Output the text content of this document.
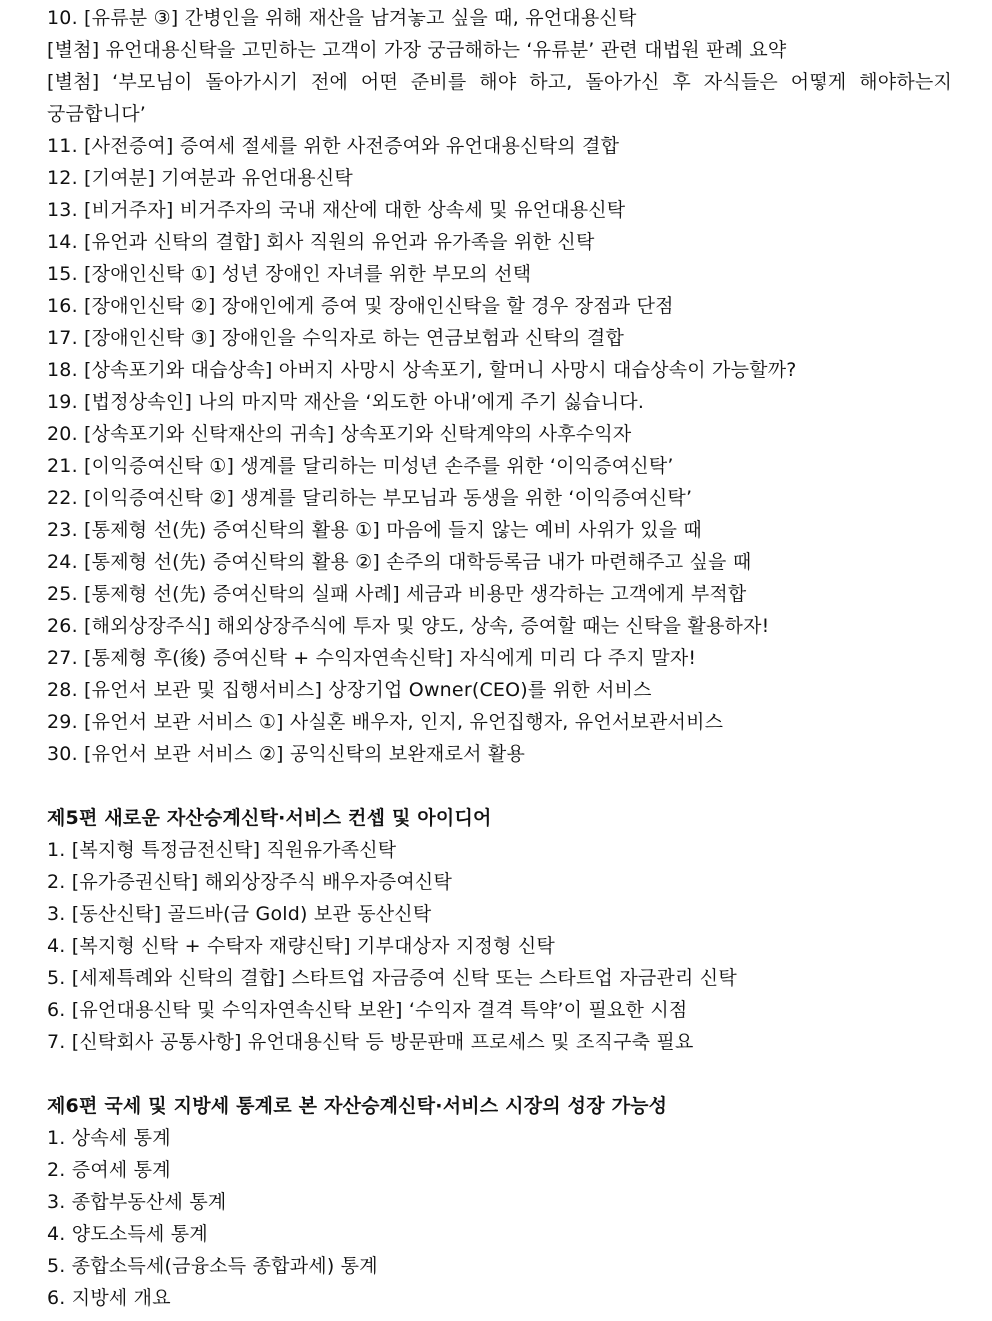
10. [유류분 ③] 간병인을 위해 재산을 남겨놓고 싶을 때, 유언대용신탁
[별첨] 유언대용신탁을 고민하는 고객이 가장 궁금해하는 ‘유류분’ 관련 대법원 판례 요약
[별첨] ‘부모님이 돌아가시기 전에 어떤 준비를 해야 하고, 돌아가신 후 자식들은 어떻게 해야하는지 궁금합니다’
11. [사전증여] 증여세 절세를 위한 사전증여와 유언대용신탁의 결합
12. [기여분] 기여분과 유언대용신탁
13. [비거주자] 비거주자의 국내 재산에 대한 상속세 및 유언대용신탁
14. [유언과 신탁의 결합] 회사 직원의 유언과 유가족을 위한 신탁
15. [장애인신탁 ①] 성년 장애인 자녀를 위한 부모의 선택
16. [장애인신탁 ②] 장애인에게 증여 및 장애인신탁을 할 경우 장점과 단점
17. [장애인신탁 ③] 장애인을 수익자로 하는 연금보험과 신탁의 결합
18. [상속포기와 대습상속] 아버지 사망시 상속포기, 할머니 사망시 대습상속이 가능할까?
19. [법정상속인] 나의 마지막 재산을 ‘외도한 아내’에게 주기 싫습니다.
20. [상속포기와 신탁재산의 귀속] 상속포기와 신탁계약의 사후수익자
21. [이익증여신탁 ①] 생계를 달리하는 미성년 손주를 위한 ‘이익증여신탁’
22. [이익증여신탁 ②] 생계를 달리하는 부모님과 동생을 위한 ‘이익증여신탁’
23. [통제형 선(先) 증여신탁의 활용 ①] 마음에 들지 않는 예비 사위가 있을 때
24. [통제형 선(先) 증여신탁의 활용 ②] 손주의 대학등록금 내가 마련해주고 싶을 때
25. [통제형 선(先) 증여신탁의 실패 사례] 세금과 비용만 생각하는 고객에게 부적합
26. [해외상장주식] 해외상장주식에 투자 및 양도, 상속, 증여할 때는 신탁을 활용하자!
27. [통제형 후(後) 증여신탁 + 수익자연속신탁] 자식에게 미리 다 주지 말자!
28. [유언서 보관 및 집행서비스] 상장기업 Owner(CEO)를 위한 서비스
29. [유언서 보관 서비스 ①] 사실혼 배우자, 인지, 유언집행자, 유언서보관서비스
30. [유언서 보관 서비스 ②] 공익신탁의 보완재로서 활용
제5편 새로운 자산승계신탁·서비스 컨셉 및 아이디어
1. [복지형 특정금전신탁] 직원유가족신탁
2. [유가증권신탁] 해외상장주식 배우자증여신탁
3. [동산신탁] 골드바(금 Gold) 보관 동산신탁
4. [복지형 신탁 + 수탁자 재량신탁] 기부대상자 지정형 신탁
5. [세제특례와 신탁의 결합] 스타트업 자금증여 신탁 또는 스타트업 자금관리 신탁
6. [유언대용신탁 및 수익자연속신탁 보완] ‘수익자 결격 특약’이 필요한 시점
7. [신탁회사 공통사항] 유언대용신탁 등 방문판매 프로세스 및 조직구축 필요
제6편 국세 및 지방세 통계로 본 자산승계신탁·서비스 시장의 성장 가능성
1. 상속세 통계
2. 증여세 통계
3. 종합부동산세 통계
4. 양도소득세 통계
5. 종합소득세(금융소득 종합과세) 통계
6. 지방세 개요
